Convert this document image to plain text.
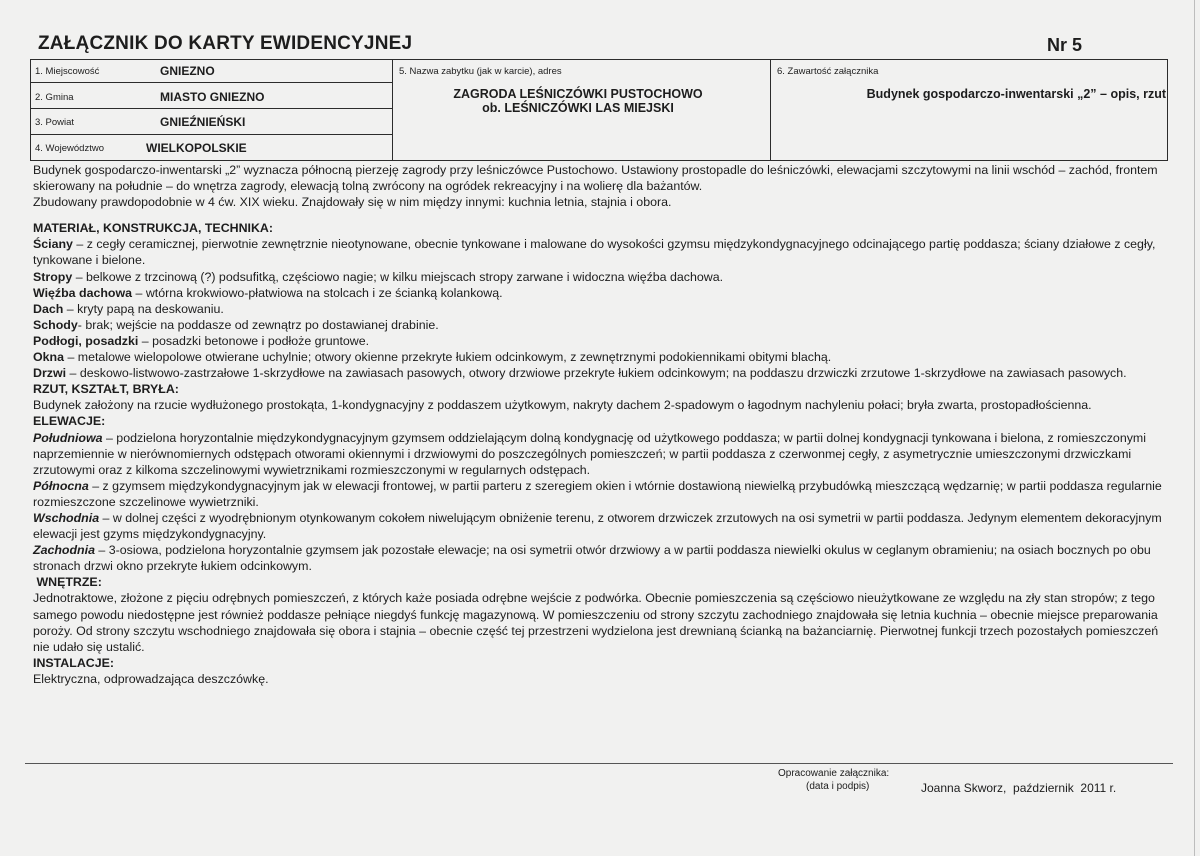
ZAŁĄCZNIK DO KARTY EWIDENCYJNEJ	Nr 5
1. Miejscowość	GNIEZNO
2. Gmina	MIASTO GNIEZNO
3. Powiat	GNIEŹNIEŃSKI
4. Województwo	WIELKOPOLSKIE
5. Nazwa zabytku (jak w karcie), adres
ZAGRODA LEŚNICZÓWKI PUSTOCHOWO
ob. LEŚNICZÓWKI LAS MIEJSKI
6. Zawartość załącznika
Budynek gospodarczo-inwentarski „2” – opis, rzut

Budynek gospodarczo-inwentarski „2” wyznacza północną pierzeję zagrody przy leśniczówce Pustochowo. Ustawiony prostopadle do leśniczówki, elewacjami szczytowymi na linii wschód – zachód, frontem skierowany na południe – do wnętrza zagrody, elewacją tolną zwrócony na ogródek rekreacyjny i na wolierę dla bażantów.

Zbudowany prawdopodobnie w 4 ćw. XIX wieku. Znajdowały się w nim między innymi: kuchnia letnia, stajnia i obora.

MATERIAŁ, KONSTRUKCJA, TECHNIKA:

Ściany – z cegły ceramicznej, pierwotnie zewnętrznie nieotynowane, obecnie tynkowane i malowane do wysokości gzymsu międzykondygnacyjnego odcinającego partię poddasza; ściany działowe z cegły, tynkowane i bielone.

Stropy – belkowe z trzcinową (?) podsufitką, częściowo nagie; w kilku miejscach stropy zarwane i widoczna więźba dachowa.

Więźba dachowa – wtórna krokwiowo-płatwiowa na stolcach i ze ścianką kolankową.

Dach – kryty papą na deskowaniu.

Schody- brak; wejście na poddasze od zewnątrz po dostawianej drabinie.

Podłogi, posadzki – posadzki betonowe i podłoże gruntowe.

Okna – metalowe wielopolowe otwierane uchylnie; otwory okienne przekryte łukiem odcinkowym, z zewnętrznymi podokiennikami obitymi blachą.

Drzwi – deskowo-listwowo-zastrzałowe 1-skrzydłowe na zawiasach pasowych, otwory drzwiowe przekryte łukiem odcinkowym; na poddaszu drzwiczki zrzutowe 1-skrzydłowe na zawiasach pasowych.

RZUT, KSZTAŁT, BRYŁA:

Budynek założony na rzucie wydłużonego prostokąta, 1-kondygnacyjny z poddaszem użytkowym, nakryty dachem 2-spadowym o łagodnym nachyleniu połaci; bryła zwarta, prostopadłościenna.

ELEWACJE:

Południowa – podzielona horyzontalnie międzykondygnacyjnym gzymsem oddzielającym dolną kondygnację od użytkowego poddasza; w partii dolnej kondygnacji tynkowana i bielona, z romieszczonymi naprzemiennie w nierównomiernych odstępach otworami okiennymi i drzwiowymi do poszczególnych pomieszczeń; w partii poddasza z czerwonmej cegły, z asymetrycznie umieszczonymi drzwiczkami zrzutowymi oraz z kilkoma szczelinowymi wywietrznikami rozmieszczonymi w regularnych odstępach.

Północna – z gzymsem międzykondygnacyjnym jak w elewacji frontowej, w partii parteru z szeregiem okien i wtórnie dostawioną niewielką przybudówką mieszczącą wędzarnię; w partii poddasza regularnie rozmieszczone szczelinowe wywietrzniki.

Wschodnia – w dolnej części z wyodrębnionym otynkowanym cokołem niwelującym obniżenie terenu, z otworem drzwiczek zrzutowych na osi symetrii w partii poddasza. Jedynym elementem dekoracyjnym elewacji jest gzyms międzykondygnacyjny.

Zachodnia – 3-osiowa, podzielona horyzontalnie gzymsem jak pozostałe elewacje; na osi symetrii otwór drzwiowy a w partii poddasza niewielki okulus w ceglanym obramieniu; na osiach bocznych po obu stronach drzwi okno przekryte łukiem odcinkowym.

WNĘTRZE:

Jednotraktowe, złożone z pięciu odrębnych pomieszczeń, z których każe posiada odrębne wejście z podwórka. Obecnie pomieszczenia są częściowo nieużytkowane ze względu na zły stan stropów; z tego samego powodu niedostępne jest również poddasze pełniące niegdyś funkcję magazynową. W pomieszczeniu od strony szczytu zachodniego znajdowała się letnia kuchnia – obecnie miejsce preparowania poroży. Od strony szczytu wschodniego znajdowała się obora i stajnia – obecnie część tej przestrzeni wydzielona jest drewnianą ścianką na bażanciarnię. Pierwotnej funkcji trzech pozostałych pomieszczeń nie udało się ustalić.

INSTALACJE:

Elektryczna, odprowadzająca deszczówkę.

Opracowanie załącznika:
(data i podpis)	Joanna Skworz,  październik  2011 r.
